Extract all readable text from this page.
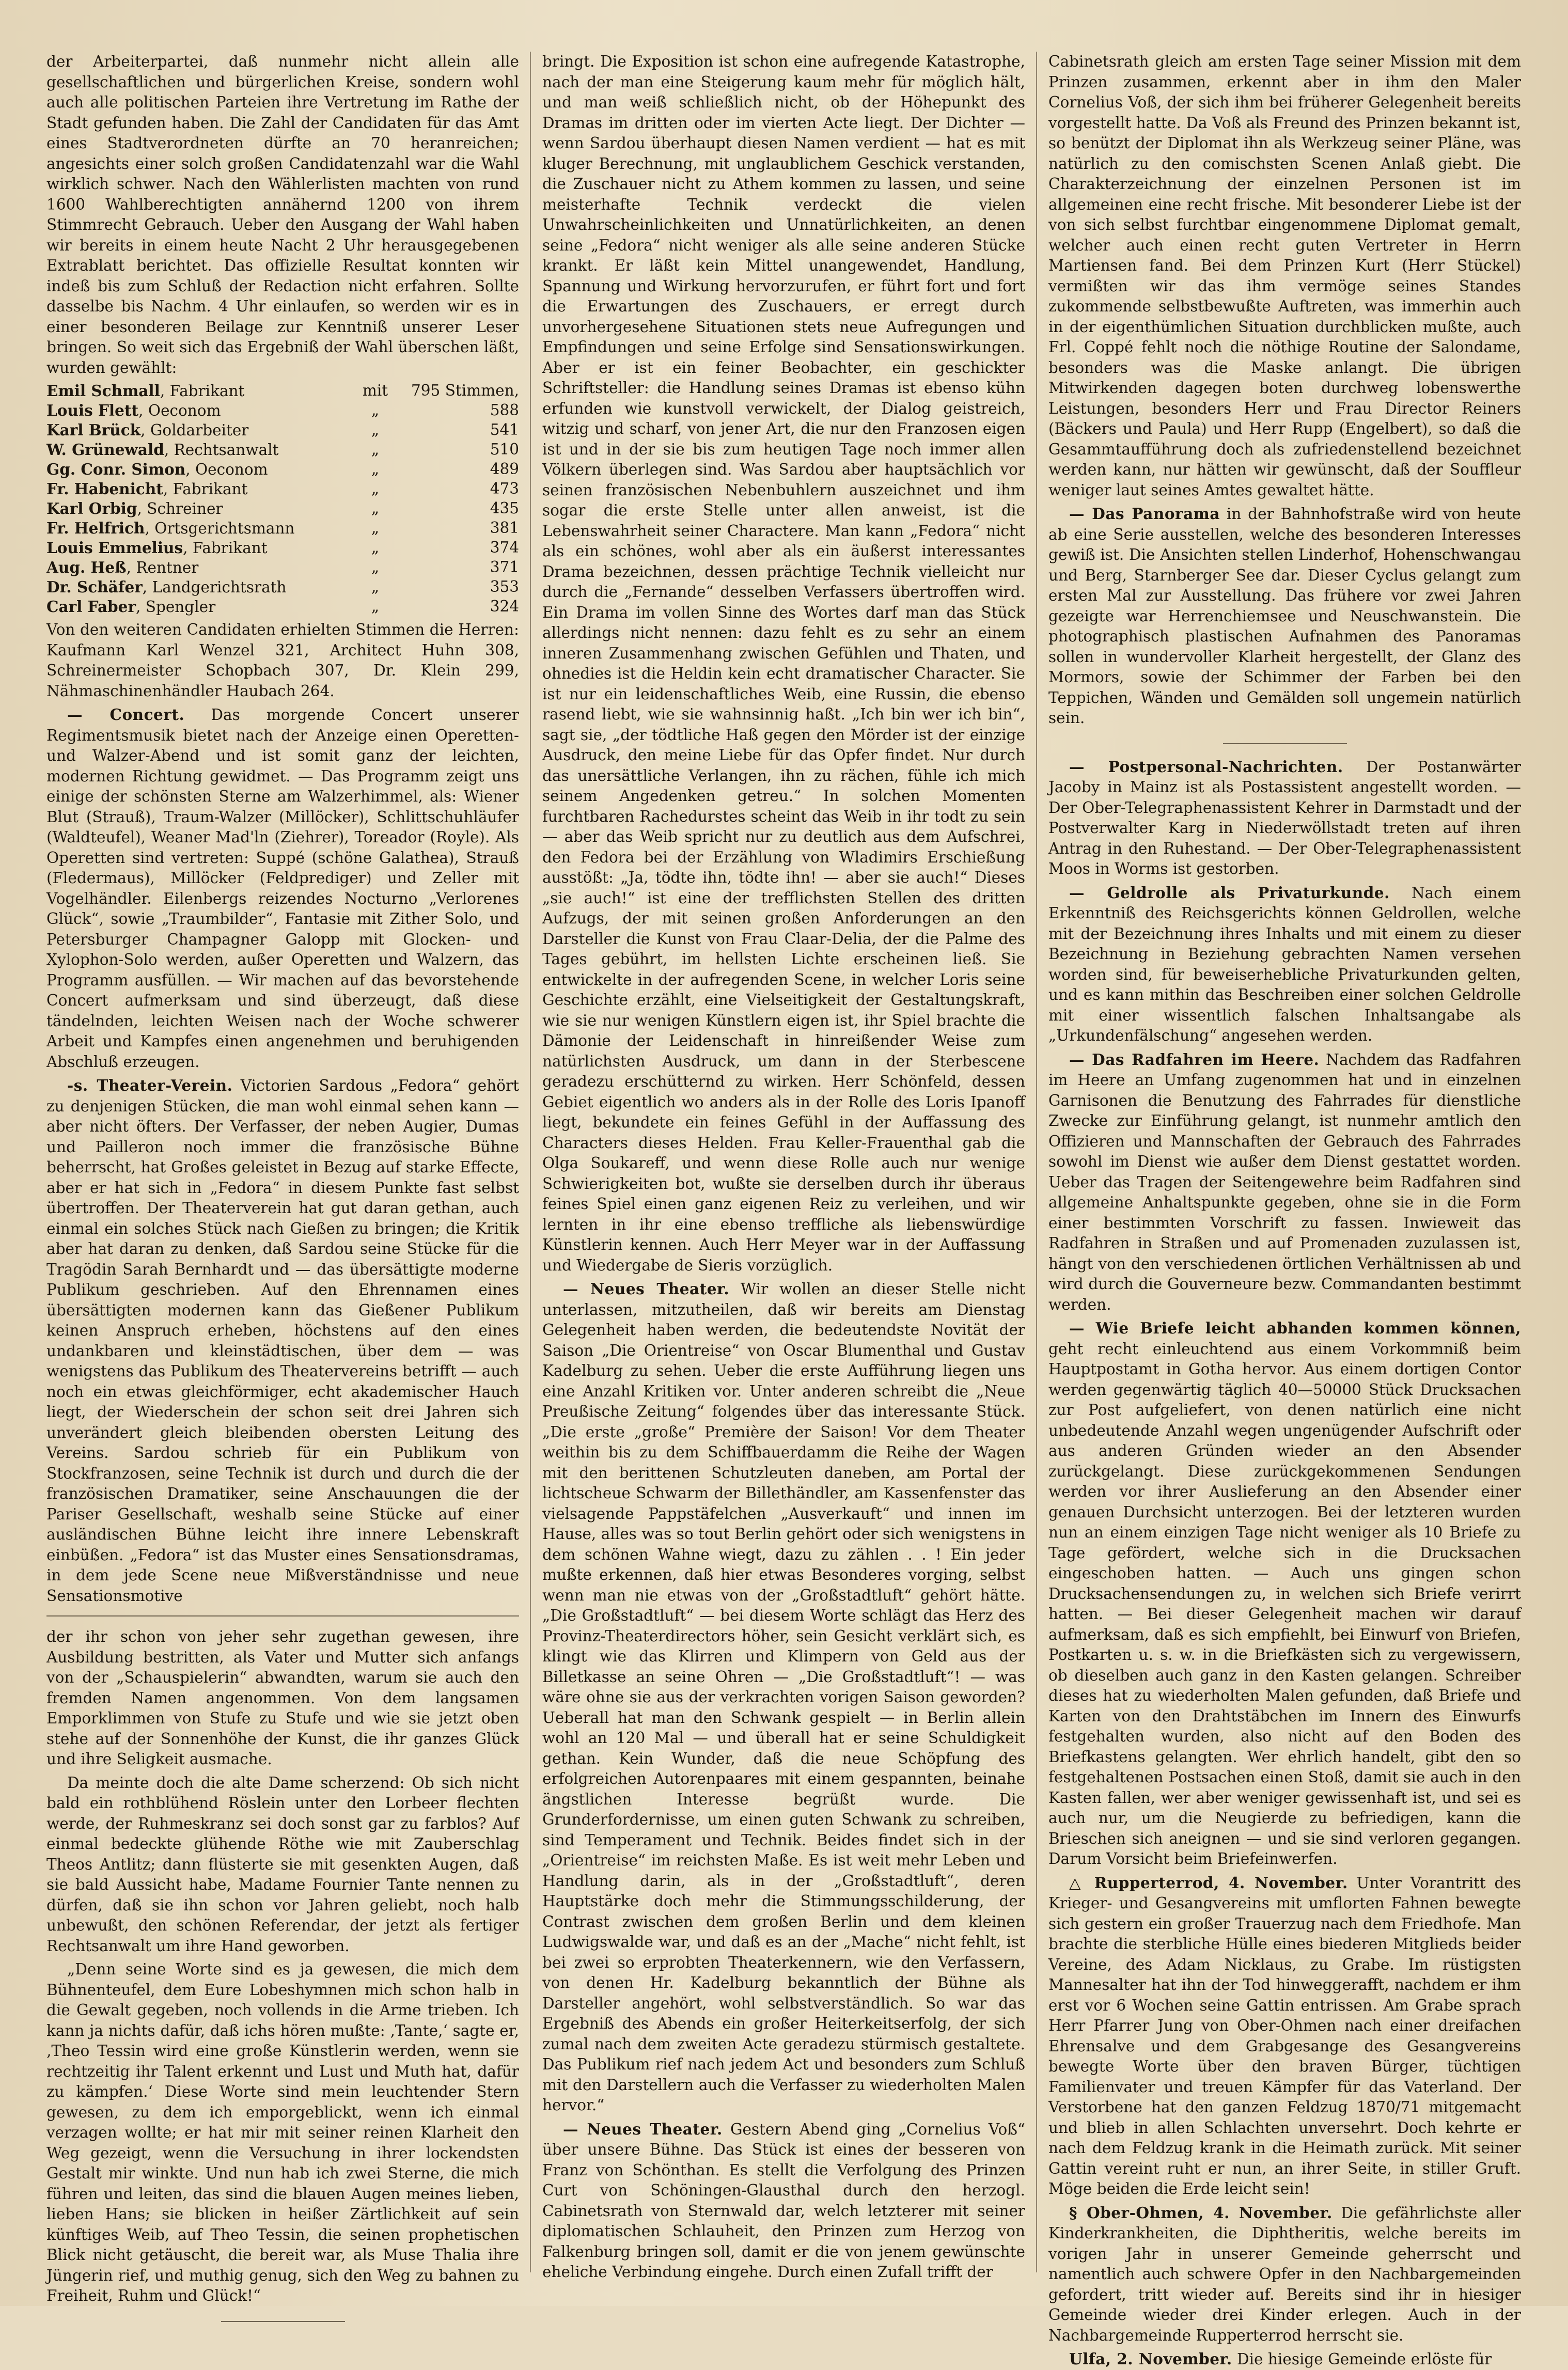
der Arbeiterpartei, daß nunmehr nicht allein alle gesellschaftlichen und bürgerlichen Kreise, sondern wohl auch alle politischen Parteien ihre Vertretung im Rathe der Stadt gefunden haben. Die Zahl der Candidaten für das Amt eines Stadtverordneten dürfte an 70 heranreichen; angesichts einer solch großen Candidatenzahl war die Wahl wirklich schwer. Nach den Wählerlisten machten von rund 1600 Wahlberechtigten annähernd 1200 von ihrem Stimmrecht Gebrauch. Ueber den Ausgang der Wahl haben wir bereits in einem heute Nacht 2 Uhr herausgegebenen Extrablatt berichtet. Das offizielle Resultat konnten wir indeß bis zum Schluß der Redaction nicht erfahren. Sollte dasselbe bis Nachm. 4 Uhr einlaufen, so werden wir es in einer besonderen Beilage zur Kenntniß unserer Leser bringen. So weit sich das Ergebniß der Wahl überschen läßt, wurden gewählt:

Emil Schmall, Fabrikant	mit	795 Stimmen,
Louis Flett, Oeconom	„	588
Karl Brück, Goldarbeiter	„	541
W. Grünewald, Rechtsanwalt	„	510
Gg. Conr. Simon, Oeconom	„	489
Fr. Habenicht, Fabrikant	„	473
Karl Orbig, Schreiner	„	435
Fr. Helfrich, Ortsgerichtsmann	„	381
Louis Emmelius, Fabrikant	„	374
Aug. Heß, Rentner	„	371
Dr. Schäfer, Landgerichtsrath	„	353
Carl Faber, Spengler	„	324

Von den weiteren Candidaten erhielten Stimmen die Herren: Kaufmann Karl Wenzel 321, Architect Huhn 308, Schreinermeister Schopbach 307, Dr. Klein 299, Nähmaschinenhändler Haubach 264.

— Concert. Das morgende Concert unserer Regimentsmusik bietet nach der Anzeige einen Operetten- und Walzer-Abend und ist somit ganz der leichten, modernen Richtung gewidmet. — Das Programm zeigt uns einige der schönsten Sterne am Walzerhimmel, als: Wiener Blut (Strauß), Traum-Walzer (Millöcker), Schlittschuhläufer (Waldteufel), Weaner Mad'ln (Ziehrer), Toreador (Royle). Als Operetten sind vertreten: Suppé (schöne Galathea), Strauß (Fledermaus), Millöcker (Feldprediger) und Zeller mit Vogelhändler. Eilenbergs reizendes Nocturno „Verlorenes Glück“, sowie „Traumbilder“, Fantasie mit Zither Solo, und Petersburger Champagner Galopp mit Glocken- und Xylophon-Solo werden, außer Operetten und Walzern, das Programm ausfüllen. — Wir machen auf das bevorstehende Concert aufmerksam und sind überzeugt, daß diese tändelnden, leichten Weisen nach der Woche schwerer Arbeit und Kampfes einen angenehmen und beruhigenden Abschluß erzeugen.

-s. Theater-Verein. Victorien Sardous „Fedora“ gehört zu denjenigen Stücken, die man wohl einmal sehen kann — aber nicht öfters. Der Verfasser, der neben Augier, Dumas und Pailleron noch immer die französische Bühne beherrscht, hat Großes geleistet in Bezug auf starke Effecte, aber er hat sich in „Fedora“ in diesem Punkte fast selbst übertroffen. Der Theaterverein hat gut daran gethan, auch einmal ein solches Stück nach Gießen zu bringen; die Kritik aber hat daran zu denken, daß Sardou seine Stücke für die Tragödin Sarah Bernhardt und — das übersättigte moderne Publikum geschrieben. Auf den Ehrennamen eines übersättigten modernen kann das Gießener Publikum keinen Anspruch erheben, höchstens auf den eines undankbaren und kleinstädtischen, über dem — was wenigstens das Publikum des Theatervereins betrifft — auch noch ein etwas gleichförmiger, echt akademischer Hauch liegt, der Wiederschein der schon seit drei Jahren sich unverändert gleich bleibenden obersten Leitung des Vereins. Sardou schrieb für ein Publikum von Stockfranzosen, seine Technik ist durch und durch die der französischen Dramatiker, seine Anschauungen die der Pariser Gesellschaft, weshalb seine Stücke auf einer ausländischen Bühne leicht ihre innere Lebenskraft einbüßen. „Fedora“ ist das Muster eines Sensationsdramas, in dem jede Scene neue Mißverständnisse und neue Sensationsmotive

der ihr schon von jeher sehr zugethan gewesen, ihre Ausbildung bestritten, als Vater und Mutter sich anfangs von der „Schauspielerin“ abwandten, warum sie auch den fremden Namen angenommen. Von dem langsamen Emporklimmen von Stufe zu Stufe und wie sie jetzt oben stehe auf der Sonnenhöhe der Kunst, die ihr ganzes Glück und ihre Seligkeit ausmache.

Da meinte doch die alte Dame scherzend: Ob sich nicht bald ein rothblühend Röslein unter den Lorbeer flechten werde, der Ruhmeskranz sei doch sonst gar zu farblos? Auf einmal bedeckte glühende Röthe wie mit Zauberschlag Theos Antlitz; dann flüsterte sie mit gesenkten Augen, daß sie bald Aussicht habe, Madame Fournier Tante nennen zu dürfen, daß sie ihn schon vor Jahren geliebt, noch halb unbewußt, den schönen Referendar, der jetzt als fertiger Rechtsanwalt um ihre Hand geworben.

„Denn seine Worte sind es ja gewesen, die mich dem Bühnenteufel, dem Eure Lobeshymnen mich schon halb in die Gewalt gegeben, noch vollends in die Arme trieben. Ich kann ja nichts dafür, daß ichs hören mußte: ‚Tante,‘ sagte er, ‚Theo Tessin wird eine große Künstlerin werden, wenn sie rechtzeitig ihr Talent erkennt und Lust und Muth hat, dafür zu kämpfen.‘ Diese Worte sind mein leuchtender Stern gewesen, zu dem ich emporgeblickt, wenn ich einmal verzagen wollte; er hat mir mit seiner reinen Klarheit den Weg gezeigt, wenn die Versuchung in ihrer lockendsten Gestalt mir winkte. Und nun hab ich zwei Sterne, die mich führen und leiten, das sind die blauen Augen meines lieben, lieben Hans; sie blicken in heißer Zärtlichkeit auf sein künftiges Weib, auf Theo Tessin, die seinen prophetischen Blick nicht getäuscht, die bereit war, als Muse Thalia ihre Jüngerin rief, und muthig genug, sich den Weg zu bahnen zu Freiheit, Ruhm und Glück!“

bringt. Die Exposition ist schon eine aufregende Katastrophe, nach der man eine Steigerung kaum mehr für möglich hält, und man weiß schließlich nicht, ob der Höhepunkt des Dramas im dritten oder im vierten Acte liegt. Der Dichter — wenn Sardou überhaupt diesen Namen verdient — hat es mit kluger Berechnung, mit unglaublichem Geschick verstanden, die Zuschauer nicht zu Athem kommen zu lassen, und seine meisterhafte Technik verdeckt die vielen Unwahrscheinlichkeiten und Unnatürlichkeiten, an denen seine „Fedora“ nicht weniger als alle seine anderen Stücke krankt. Er läßt kein Mittel unangewendet, Handlung, Spannung und Wirkung hervorzurufen, er führt fort und fort die Erwartungen des Zuschauers, er erregt durch unvorhergesehene Situationen stets neue Aufregungen und Empfindungen und seine Erfolge sind Sensationswirkungen. Aber er ist ein feiner Beobachter, ein geschickter Schriftsteller: die Handlung seines Dramas ist ebenso kühn erfunden wie kunstvoll verwickelt, der Dialog geistreich, witzig und scharf, von jener Art, die nur den Franzosen eigen ist und in der sie bis zum heutigen Tage noch immer allen Völkern überlegen sind. Was Sardou aber hauptsächlich vor seinen französischen Nebenbuhlern auszeichnet und ihm sogar die erste Stelle unter allen anweist, ist die Lebenswahrheit seiner Charactere. Man kann „Fedora“ nicht als ein schönes, wohl aber als ein äußerst interessantes Drama bezeichnen, dessen prächtige Technik vielleicht nur durch die „Fernande“ desselben Verfassers übertroffen wird. Ein Drama im vollen Sinne des Wortes darf man das Stück allerdings nicht nennen: dazu fehlt es zu sehr an einem inneren Zusammenhang zwischen Gefühlen und Thaten, und ohnedies ist die Heldin kein echt dramatischer Character. Sie ist nur ein leidenschaftliches Weib, eine Russin, die ebenso rasend liebt, wie sie wahnsinnig haßt. „Ich bin wer ich bin“, sagt sie, „der tödtliche Haß gegen den Mörder ist der einzige Ausdruck, den meine Liebe für das Opfer findet. Nur durch das unersättliche Verlangen, ihn zu rächen, fühle ich mich seinem Angedenken getreu.“ In solchen Momenten furchtbaren Rachedurstes scheint das Weib in ihr todt zu sein — aber das Weib spricht nur zu deutlich aus dem Aufschrei, den Fedora bei der Erzählung von Wladimirs Erschießung ausstößt: „Ja, tödte ihn, tödte ihn! — aber sie auch!“ Dieses „sie auch!“ ist eine der trefflichsten Stellen des dritten Aufzugs, der mit seinen großen Anforderungen an den Darsteller die Kunst von Frau Claar-Delia, der die Palme des Tages gebührt, im hellsten Lichte erscheinen ließ. Sie entwickelte in der aufregenden Scene, in welcher Loris seine Geschichte erzählt, eine Vielseitigkeit der Gestaltungskraft, wie sie nur wenigen Künstlern eigen ist, ihr Spiel brachte die Dämonie der Leidenschaft in hinreißender Weise zum natürlichsten Ausdruck, um dann in der Sterbescene geradezu erschütternd zu wirken. Herr Schönfeld, dessen Gebiet eigentlich wo anders als in der Rolle des Loris Ipanoff liegt, bekundete ein feines Gefühl in der Auffassung des Characters dieses Helden. Frau Keller-Frauenthal gab die Olga Soukareff, und wenn diese Rolle auch nur wenige Schwierigkeiten bot, wußte sie derselben durch ihr überaus feines Spiel einen ganz eigenen Reiz zu verleihen, und wir lernten in ihr eine ebenso treffliche als liebenswürdige Künstlerin kennen. Auch Herr Meyer war in der Auffassung und Wiedergabe de Sieris vorzüglich.

— Neues Theater. Wir wollen an dieser Stelle nicht unterlassen, mitzutheilen, daß wir bereits am Dienstag Gelegenheit haben werden, die bedeutendste Novität der Saison „Die Orientreise“ von Oscar Blumenthal und Gustav Kadelburg zu sehen. Ueber die erste Aufführung liegen uns eine Anzahl Kritiken vor. Unter anderen schreibt die „Neue Preußische Zeitung“ folgendes über das interessante Stück. „Die erste „große“ Première der Saison! Vor dem Theater weithin bis zu dem Schiffbauerdamm die Reihe der Wagen mit den berittenen Schutzleuten daneben, am Portal der lichtscheue Schwarm der Billethändler, am Kassenfenster das vielsagende Pappstäfelchen „Ausverkauft“ und innen im Hause, alles was so tout Berlin gehört oder sich wenigstens in dem schönen Wahne wiegt, dazu zu zählen . . ! Ein jeder mußte erkennen, daß hier etwas Besonderes vorging, selbst wenn man nie etwas von der „Großstadtluft“ gehört hätte. „Die Großstadtluft“ — bei diesem Worte schlägt das Herz des Provinz-Theaterdirectors höher, sein Gesicht verklärt sich, es klingt wie das Klirren und Klimpern von Geld aus der Billetkasse an seine Ohren — „Die Großstadtluft“! — was wäre ohne sie aus der verkrachten vorigen Saison geworden? Ueberall hat man den Schwank gespielt — in Berlin allein wohl an 120 Mal — und überall hat er seine Schuldigkeit gethan. Kein Wunder, daß die neue Schöpfung des erfolgreichen Autorenpaares mit einem gespannten, beinahe ängstlichen Interesse begrüßt wurde. Die Grunderfordernisse, um einen guten Schwank zu schreiben, sind Temperament und Technik. Beides findet sich in der „Orientreise“ im reichsten Maße. Es ist weit mehr Leben und Handlung darin, als in der „Großstadtluft“, deren Hauptstärke doch mehr die Stimmungsschilderung, der Contrast zwischen dem großen Berlin und dem kleinen Ludwigswalde war, und daß es an der „Mache“ nicht fehlt, ist bei zwei so erprobten Theaterkennern, wie den Verfassern, von denen Hr. Kadelburg bekanntlich der Bühne als Darsteller angehört, wohl selbstverständlich. So war das Ergebniß des Abends ein großer Heiterkeitserfolg, der sich zumal nach dem zweiten Acte geradezu stürmisch gestaltete. Das Publikum rief nach jedem Act und besonders zum Schluß mit den Darstellern auch die Verfasser zu wiederholten Malen hervor.“

— Neues Theater. Gestern Abend ging „Cornelius Voß“ über unsere Bühne. Das Stück ist eines der besseren von Franz von Schönthan. Es stellt die Verfolgung des Prinzen Curt von Schöningen-Glausthal durch den herzogl. Cabinetsrath von Sternwald dar, welch letzterer mit seiner diplomatischen Schlauheit, den Prinzen zum Herzog von Falkenburg bringen soll, damit er die von jenem gewünschte eheliche Verbindung eingehe. Durch einen Zufall trifft der

Cabinetsrath gleich am ersten Tage seiner Mission mit dem Prinzen zusammen, erkennt aber in ihm den Maler Cornelius Voß, der sich ihm bei früherer Gelegenheit bereits vorgestellt hatte. Da Voß als Freund des Prinzen bekannt ist, so benützt der Diplomat ihn als Werkzeug seiner Pläne, was natürlich zu den comischsten Scenen Anlaß giebt. Die Charakterzeichnung der einzelnen Personen ist im allgemeinen eine recht frische. Mit besonderer Liebe ist der von sich selbst furchtbar eingenommene Diplomat gemalt, welcher auch einen recht guten Vertreter in Herrn Martiensen fand. Bei dem Prinzen Kurt (Herr Stückel) vermißten wir das ihm vermöge seines Standes zukommende selbstbewußte Auftreten, was immerhin auch in der eigenthümlichen Situation durchblicken mußte, auch Frl. Coppé fehlt noch die nöthige Routine der Salondame, besonders was die Maske anlangt. Die übrigen Mitwirkenden dagegen boten durchweg lobenswerthe Leistungen, besonders Herr und Frau Director Reiners (Bäckers und Paula) und Herr Rupp (Engelbert), so daß die Gesammtaufführung doch als zufriedenstellend bezeichnet werden kann, nur hätten wir gewünscht, daß der Souffleur weniger laut seines Amtes gewaltet hätte.

— Das Panorama in der Bahnhofstraße wird von heute ab eine Serie ausstellen, welche des besonderen Interesses gewiß ist. Die Ansichten stellen Linderhof, Hohenschwangau und Berg, Starnberger See dar. Dieser Cyclus gelangt zum ersten Mal zur Ausstellung. Das frühere vor zwei Jahren gezeigte war Herrenchiemsee und Neuschwanstein. Die photographisch plastischen Aufnahmen des Panoramas sollen in wundervoller Klarheit hergestellt, der Glanz des Mormors, sowie der Schimmer der Farben bei den Teppichen, Wänden und Gemälden soll ungemein natürlich sein.

— Postpersonal-Nachrichten. Der Postanwärter Jacoby in Mainz ist als Postassistent angestellt worden. — Der Ober-Telegraphenassistent Kehrer in Darmstadt und der Postverwalter Karg in Niederwöllstadt treten auf ihren Antrag in den Ruhestand. — Der Ober-Telegraphenassistent Moos in Worms ist gestorben.

— Geldrolle als Privaturkunde. Nach einem Erkenntniß des Reichsgerichts können Geldrollen, welche mit der Bezeichnung ihres Inhalts und mit einem zu dieser Bezeichnung in Beziehung gebrachten Namen versehen worden sind, für beweiserhebliche Privaturkunden gelten, und es kann mithin das Beschreiben einer solchen Geldrolle mit einer wissentlich falschen Inhaltsangabe als „Urkundenfälschung“ angesehen werden.

— Das Radfahren im Heere. Nachdem das Radfahren im Heere an Umfang zugenommen hat und in einzelnen Garnisonen die Benutzung des Fahrrades für dienstliche Zwecke zur Einführung gelangt, ist nunmehr amtlich den Offizieren und Mannschaften der Gebrauch des Fahrrades sowohl im Dienst wie außer dem Dienst gestattet worden. Ueber das Tragen der Seitengewehre beim Radfahren sind allgemeine Anhaltspunkte gegeben, ohne sie in die Form einer bestimmten Vorschrift zu fassen. Inwieweit das Radfahren in Straßen und auf Promenaden zuzulassen ist, hängt von den verschiedenen örtlichen Verhältnissen ab und wird durch die Gouverneure bezw. Commandanten bestimmt werden.

— Wie Briefe leicht abhanden kommen können, geht recht einleuchtend aus einem Vorkommniß beim Hauptpostamt in Gotha hervor. Aus einem dortigen Contor werden gegenwärtig täglich 40—50000 Stück Drucksachen zur Post aufgeliefert, von denen natürlich eine nicht unbedeutende Anzahl wegen ungenügender Aufschrift oder aus anderen Gründen wieder an den Absender zurückgelangt. Diese zurückgekommenen Sendungen werden vor ihrer Auslieferung an den Absender einer genauen Durchsicht unterzogen. Bei der letzteren wurden nun an einem einzigen Tage nicht weniger als 10 Briefe zu Tage gefördert, welche sich in die Drucksachen eingeschoben hatten. — Auch uns gingen schon Drucksachensendungen zu, in welchen sich Briefe verirrt hatten. — Bei dieser Gelegenheit machen wir darauf aufmerksam, daß es sich empfiehlt, bei Einwurf von Briefen, Postkarten u. s. w. in die Briefkästen sich zu vergewissern, ob dieselben auch ganz in den Kasten gelangen. Schreiber dieses hat zu wiederholten Malen gefunden, daß Briefe und Karten von den Drahtstäbchen im Innern des Einwurfs festgehalten wurden, also nicht auf den Boden des Briefkastens gelangten. Wer ehrlich handelt, gibt den so festgehaltenen Postsachen einen Stoß, damit sie auch in den Kasten fallen, wer aber weniger gewissenhaft ist, und sei es auch nur, um die Neugierde zu befriedigen, kann die Brieschen sich aneignen — und sie sind verloren gegangen. Darum Vorsicht beim Briefeinwerfen.

△ Rupperterrod, 4. November. Unter Vorantritt des Krieger- und Gesangvereins mit umflorten Fahnen bewegte sich gestern ein großer Trauerzug nach dem Friedhofe. Man brachte die sterbliche Hülle eines biederen Mitglieds beider Vereine, des Adam Nicklaus, zu Grabe. Im rüstigsten Mannesalter hat ihn der Tod hinweggerafft, nachdem er ihm erst vor 6 Wochen seine Gattin entrissen. Am Grabe sprach Herr Pfarrer Jung von Ober-Ohmen nach einer dreifachen Ehrensalve und dem Grabgesange des Gesangvereins bewegte Worte über den braven Bürger, tüchtigen Familienvater und treuen Kämpfer für das Vaterland. Der Verstorbene hat den ganzen Feldzug 1870/71 mitgemacht und blieb in allen Schlachten unversehrt. Doch kehrte er nach dem Feldzug krank in die Heimath zurück. Mit seiner Gattin vereint ruht er nun, an ihrer Seite, in stiller Gruft. Möge beiden die Erde leicht sein!

§ Ober-Ohmen, 4. November. Die gefährlichste aller Kinderkrankheiten, die Diphtheritis, welche bereits im vorigen Jahr in unserer Gemeinde geherrscht und namentlich auch schwere Opfer in den Nachbargemeinden gefordert, tritt wieder auf. Bereits sind ihr in hiesiger Gemeinde wieder drei Kinder erlegen. Auch in der Nachbargemeinde Rupperterrod herrscht sie.

Ulfa, 2. November. Die hiesige Gemeinde erlöste für
